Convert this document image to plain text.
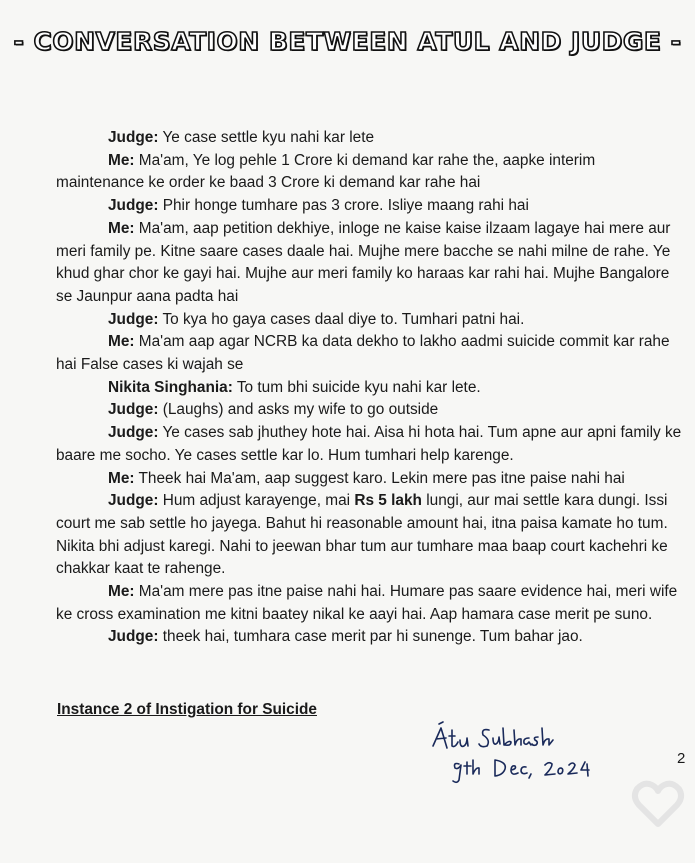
- CONVERSATION BETWEEN ATUL AND JUDGE -

Judge: Ye case settle kyu nahi kar lete

Me: Ma'am, Ye log pehle 1 Crore ki demand kar rahe the, aapke interim maintenance ke order ke baad 3 Crore ki demand kar rahe hai

Judge: Phir honge tumhare pas 3 crore. Isliye maang rahi hai

Me: Ma'am, aap petition dekhiye, inloge ne kaise kaise ilzaam lagaye hai mere aur meri family pe. Kitne saare cases daale hai. Mujhe mere bacche se nahi milne de rahe. Ye khud ghar chor ke gayi hai. Mujhe aur meri family ko haraas kar rahi hai. Mujhe Bangalore se Jaunpur aana padta hai

Judge: To kya ho gaya cases daal diye to. Tumhari patni hai.

Me: Ma'am aap agar NCRB ka data dekho to lakho aadmi suicide commit kar rahe hai False cases ki wajah se

Nikita Singhania: To tum bhi suicide kyu nahi kar lete.

Judge: (Laughs) and asks my wife to go outside

Judge: Ye cases sab jhuthey hote hai. Aisa hi hota hai. Tum apne aur apni family ke baare me socho. Ye cases settle kar lo. Hum tumhari help karenge.

Me: Theek hai Ma'am, aap suggest karo. Lekin mere pas itne paise nahi hai

Judge: Hum adjust karayenge, mai Rs 5 lakh lungi, aur mai settle kara dungi. Issi court me sab settle ho jayega. Bahut hi reasonable amount hai, itna paisa kamate ho tum. Nikita bhi adjust karegi. Nahi to jeewan bhar tum aur tumhare maa baap court kachehri ke chakkar kaat te rahenge.

Me: Ma'am mere pas itne paise nahi hai. Humare pas saare evidence hai, meri wife ke cross examination me kitni baatey nikal ke aayi hai. Aap hamara case merit pe suno.

Judge: theek hai, tumhara case merit par hi sunenge. Tum bahar jao.

Instance 2 of Instigation for Suicide
2
